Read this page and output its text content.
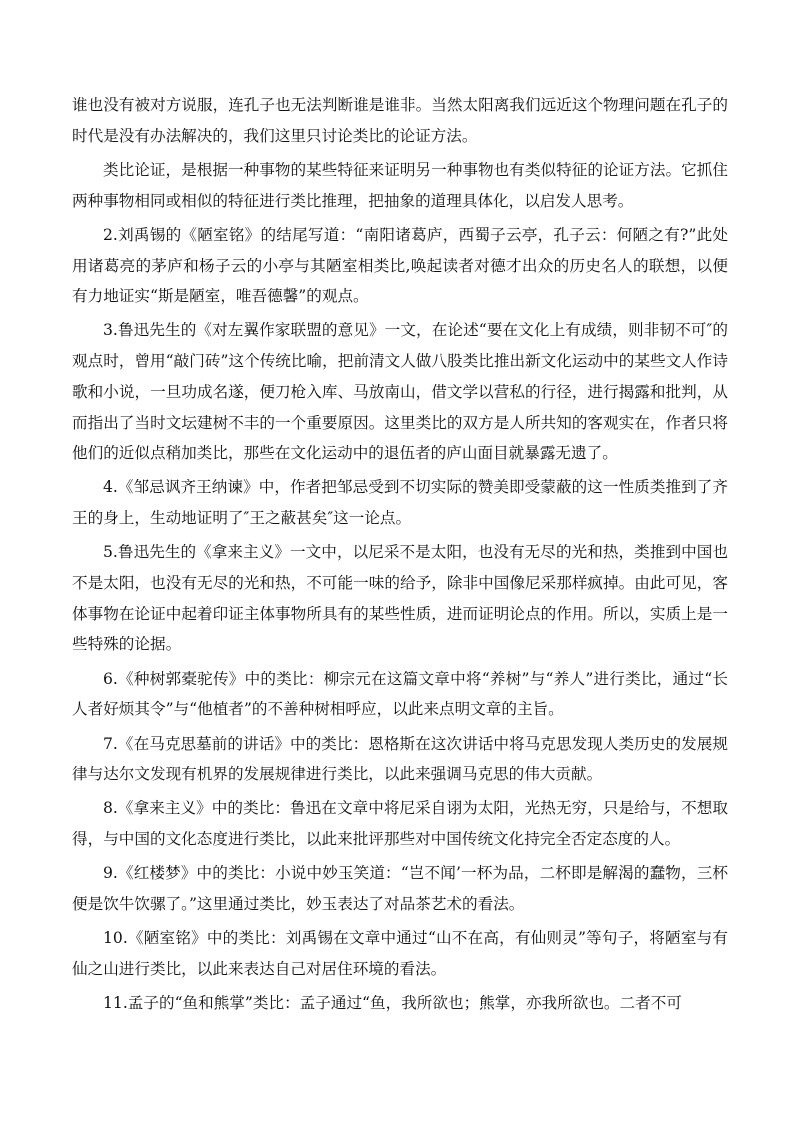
谁也没有被对方说服，连孔子也无法判断谁是谁非。当然太阳离我们远近这个物理问题在孔子的时代是没有办法解决的，我们这里只讨论类比的论证方法。

类比论证，是根据一种事物的某些特征来证明另一种事物也有类似特征的论证方法。它抓住两种事物相同或相似的特征进行类比推理，把抽象的道理具体化，以启发人思考。

2.刘禹锡的《陋室铭》的结尾写道：“南阳诸葛庐，西蜀子云亭，孔子云：何陋之有?”此处用诸葛亮的茅庐和杨子云的小亭与其陋室相类比,唤起读者对德才出众的历史名人的联想，以便有力地证实“斯是陋室，唯吾德馨”的观点。

3.鲁迅先生的《对左翼作家联盟的意见》一文，在论述“要在文化上有成绩，则非韧不可″的观点时，曾用“敲门砖”这个传统比喻，把前清文人做八股类比推出新文化运动中的某些文人作诗歌和小说，一旦功成名遂，便刀枪入库、马放南山，借文学以营私的行径，进行揭露和批判，从而指出了当时文坛建树不丰的一个重要原因。这里类比的双方是人所共知的客观实在，作者只将他们的近似点稍加类比，那些在文化运动中的退伍者的庐山面目就暴露无遗了。

4.《邹忌讽齐王纳谏》中，作者把邹忌受到不切实际的赞美即受蒙蔽的这一性质类推到了齐王的身上，生动地证明了″王之蔽甚矣″这一论点。

5.鲁迅先生的《拿来主义》一文中，以尼采不是太阳，也没有无尽的光和热，类推到中国也不是太阳，也没有无尽的光和热，不可能一味的给予，除非中国像尼采那样疯掉。由此可见，客体事物在论证中起着印证主体事物所具有的某些性质，进而证明论点的作用。所以，实质上是一些特殊的论据。

6.《种树郭橐驼传》中的类比：柳宗元在这篇文章中将“养树”与“养人”进行类比，通过“长人者好烦其令”与“他植者”的不善种树相呼应，以此来点明文章的主旨。

7.《在马克思墓前的讲话》中的类比：恩格斯在这次讲话中将马克思发现人类历史的发展规律与达尔文发现有机界的发展规律进行类比，以此来强调马克思的伟大贡献。

8.《拿来主义》中的类比：鲁迅在文章中将尼采自诩为太阳，光热无穷，只是给与，不想取得，与中国的文化态度进行类比，以此来批评那些对中国传统文化持完全否定态度的人。

9.《红楼梦》中的类比：小说中妙玉笑道：“岂不闻’一杯为品，二杯即是解渴的蠢物，三杯便是饮牛饮骡了。”这里通过类比，妙玉表达了对品茶艺术的看法。

10.《陋室铭》中的类比：刘禹锡在文章中通过“山不在高，有仙则灵”等句子，将陋室与有仙之山进行类比，以此来表达自己对居住环境的看法。

11.孟子的“鱼和熊掌”类比：孟子通过“鱼，我所欲也；熊掌，亦我所欲也。二者不可
